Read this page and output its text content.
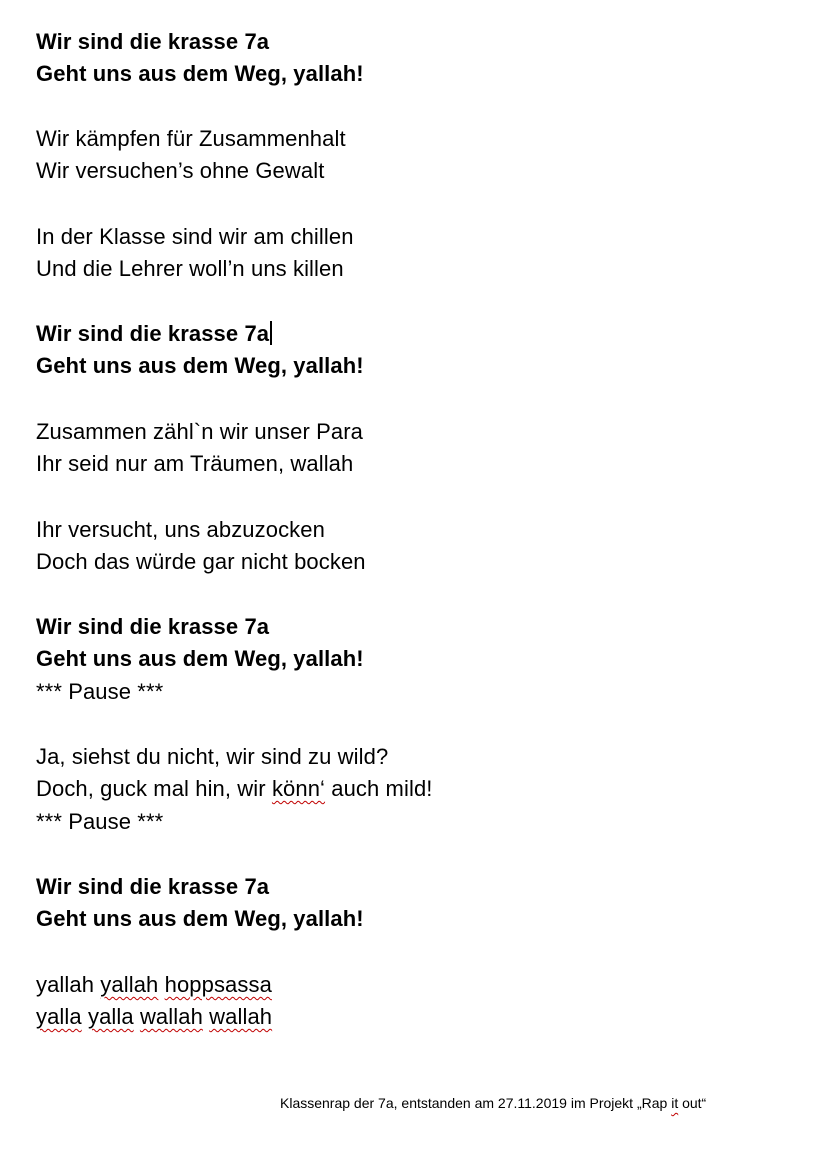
Wir sind die krasse 7a
Geht uns aus dem Weg, yallah!
Wir kämpfen für Zusammenhalt
Wir versuchen’s ohne Gewalt
In der Klasse sind wir am chillen
Und die Lehrer woll’n uns killen
Wir sind die krasse 7a
Geht uns aus dem Weg, yallah!
Zusammen zähl`n wir unser Para
Ihr seid nur am Träumen, wallah
Ihr versucht, uns abzuzocken
Doch das würde gar nicht bocken
Wir sind die krasse 7a
Geht uns aus dem Weg, yallah!
*** Pause ***
Ja, siehst du nicht, wir sind zu wild?
Doch, guck mal hin, wir könn‘ auch mild!
*** Pause ***
Wir sind die krasse 7a
Geht uns aus dem Weg, yallah!
yallah yallah hoppsassa
yalla yalla wallah wallah
Klassenrap der 7a, entstanden am 27.11.2019 im Projekt „Rap it out“
